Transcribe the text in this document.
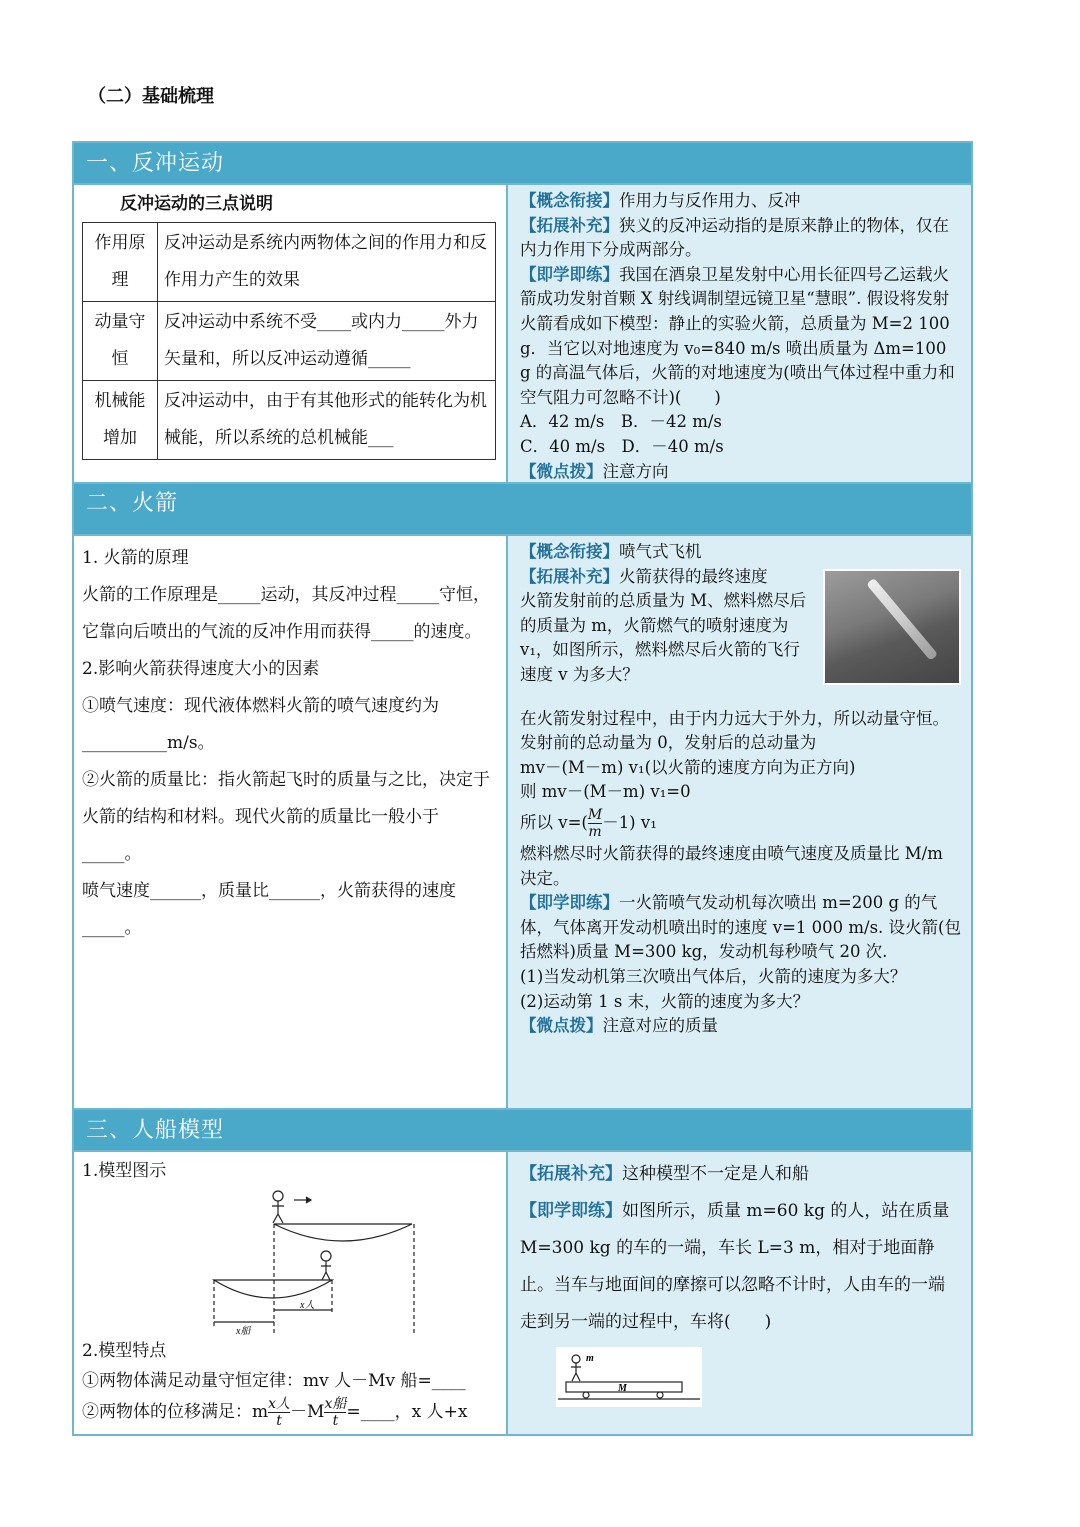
（二）基础梳理
一、反冲运动
反冲运动的三点说明
作用原理	反冲运动是系统内两物体之间的作用力和反作用力产生的效果
动量守恒	反冲运动中系统不受____或内力_____外力矢量和，所以反冲运动遵循_____
机械能增加	反冲运动中，由于有其他形式的能转化为机械能，所以系统的总机械能___

【概念衔接】作用力与反作用力、反冲

【拓展补充】狭义的反冲运动指的是原来静止的物体，仅在内力作用下分成两部分。

【即学即练】我国在酒泉卫星发射中心用长征四号乙运载火箭成功发射首颗 X 射线调制望远镜卫星“慧眼”. 假设将发射火箭看成如下模型：静止的实验火箭，总质量为 M=2 100 g．当它以对地速度为 v₀=840 m/s 喷出质量为 Δm=100 g 的高温气体后，火箭的对地速度为(喷出气体过程中重力和空气阻力可忽略不计)(　　)

A．42 m/s　B．－42 m/s

C．40 m/s　D．－40 m/s

【微点拨】注意方向

二、火箭

1. 火箭的原理

火箭的工作原理是_____运动，其反冲过程_____守恒，它靠向后喷出的气流的反冲作用而获得_____的速度。

2.影响火箭获得速度大小的因素

①喷气速度：现代液体燃料火箭的喷气速度约为__________m/s。

②火箭的质量比：指火箭起飞时的质量与之比，决定于火箭的结构和材料。现代火箭的质量比一般小于_____。

喷气速度______，质量比______，火箭获得的速度_____。

【概念衔接】喷气式飞机

【拓展补充】火箭获得的最终速度

火箭发射前的总质量为 M、燃料燃尽后的质量为 m，火箭燃气的喷射速度为 v₁，如图所示，燃料燃尽后火箭的飞行速度 v 为多大？

在火箭发射过程中，由于内力远大于外力，所以动量守恒。

发射前的总动量为 0，发射后的总动量为

mv－(M－m) v₁(以火箭的速度方向为正方向)

则 mv－(M－m) v₁=0

所以 $v=( \frac{M}{m} -1)$ v₁

燃料燃尽时火箭获得的最终速度由喷气速度及质量比 M/m 决定。

【即学即练】一火箭喷气发动机每次喷出 m=200 g 的气体，气体离开发动机喷出时的速度 v=1 000 m/s. 设火箭(包括燃料)质量 M=300 kg，发动机每秒喷气 20 次.

(1)当发动机第三次喷出气体后，火箭的速度为多大？

(2)运动第 1 s 末，火箭的速度为多大？

【微点拨】注意对应的质量

三、人船模型

1.模型图示

x人
x船

2.模型特点

①两物体满足动量守恒定律：mv 人－Mv 船=____

②两物体的位移满足：m $\frac{\text{x人}}{t} -M \frac{\text{x船}}{t}$ =____，x 人+x

【拓展补充】这种模型不一定是人和船

【即学即练】如图所示，质量 m=60 kg 的人，站在质量 M=300 kg 的车的一端，车长 L=3 m，相对于地面静止。当车与地面间的摩擦可以忽略不计时，人由车的一端走到另一端的过程中，车将(　　)

m
M
